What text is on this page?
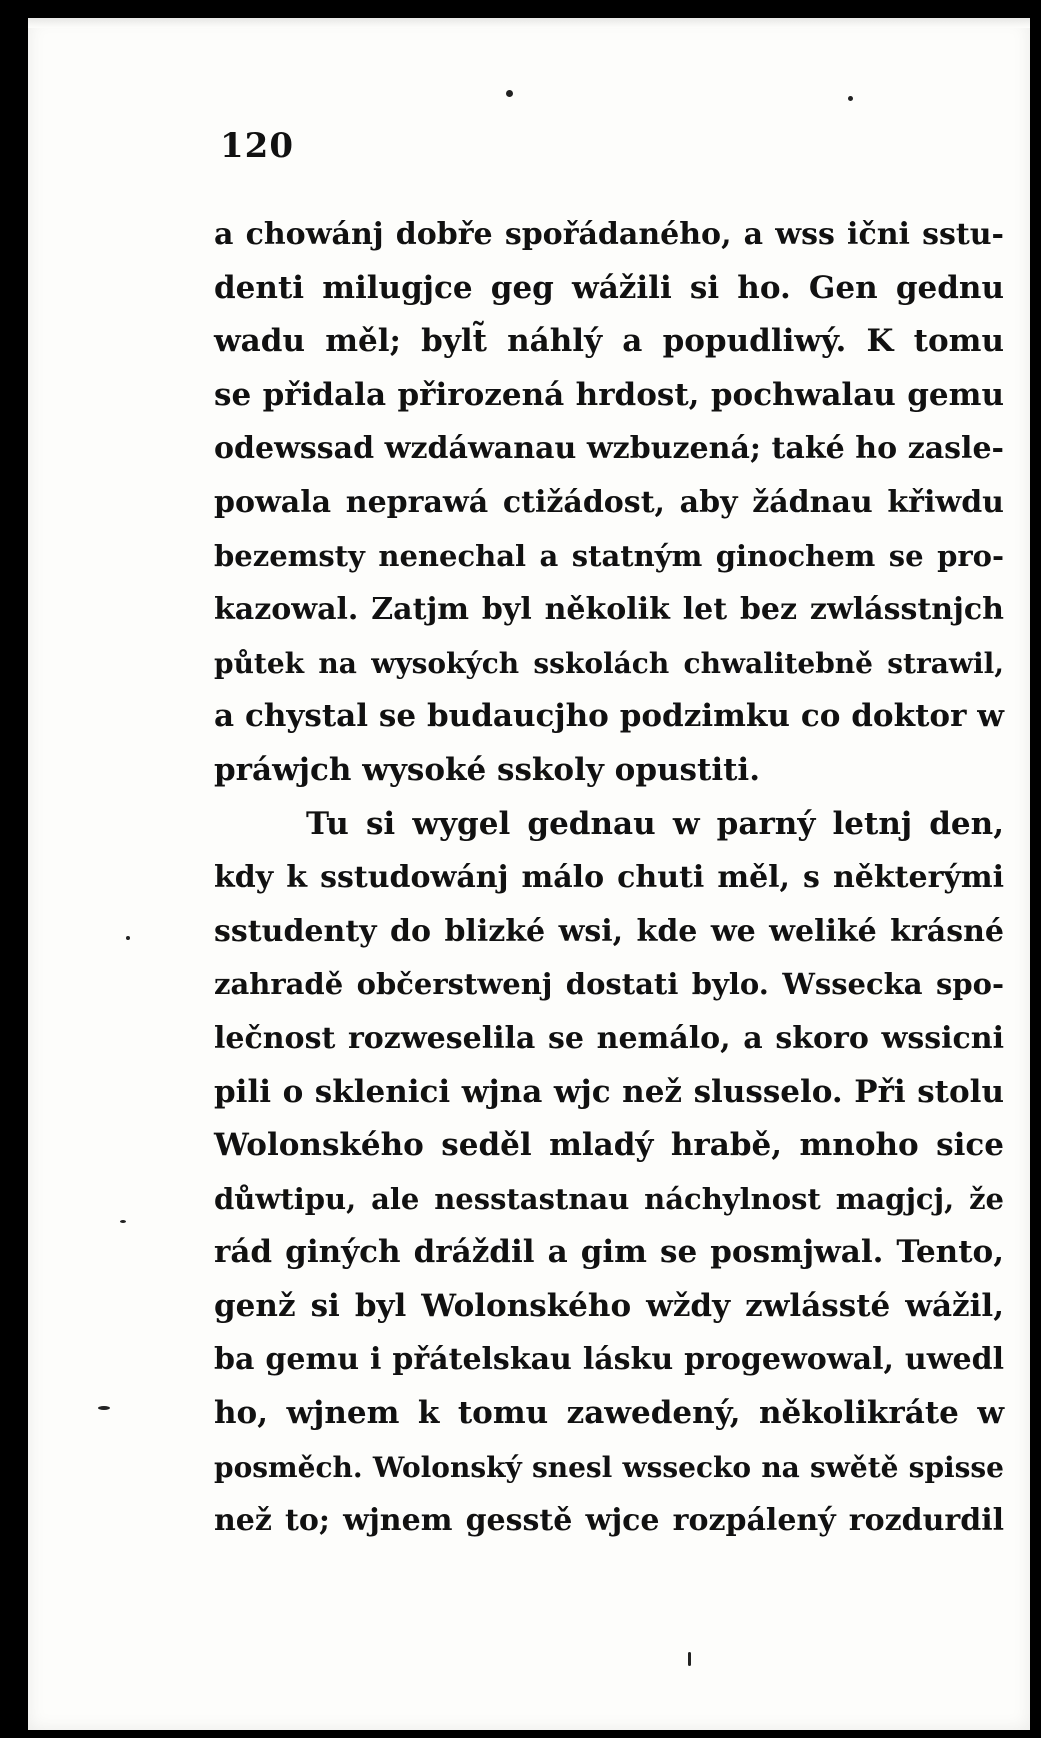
120
a chowánj dobře spořádaného, a wss ični sstu-
denti milugjce geg wážili si ho. Gen gednu
wadu měl; bylt̃ náhlý a popudliwý. K tomu
se přidala přirozená hrdost, pochwalau gemu
odewssad wzdáwanau wzbuzená; také ho zasle-
powala neprawá ctižádost, aby žádnau křiwdu
bezemsty nenechal a statným ginochem se pro-
kazowal. Zatjm byl několik let bez zwlásstnjch
půtek na wysokých sskolách chwalitebně strawil,
a chystal se budaucjho podzimku co doktor w
práwjch wysoké sskoly opustiti.
Tu si wygel gednau w parný letnj den,
kdy k sstudowánj málo chuti měl, s některými
sstudenty do blizké wsi, kde we weliké krásné
zahradě občerstwenj dostati bylo. Wssecka spo-
lečnost rozweselila se nemálo, a skoro wssicni
pili o sklenici wjna wjc než slusselo. Při stolu
Wolonského seděl mladý hrabě, mnoho sice
důwtipu, ale nesstastnau náchylnost magjcj, že
rád giných dráždil a gim se posmjwal. Tento,
genž si byl Wolonského wždy zwlássté wážil,
ba gemu i přátelskau lásku progewowal, uwedl
ho, wjnem k tomu zawedený, několikráte w
posměch. Wolonský snesl wssecko na swětě spisse
než to; wjnem gesstě wjce rozpálený rozdurdil
